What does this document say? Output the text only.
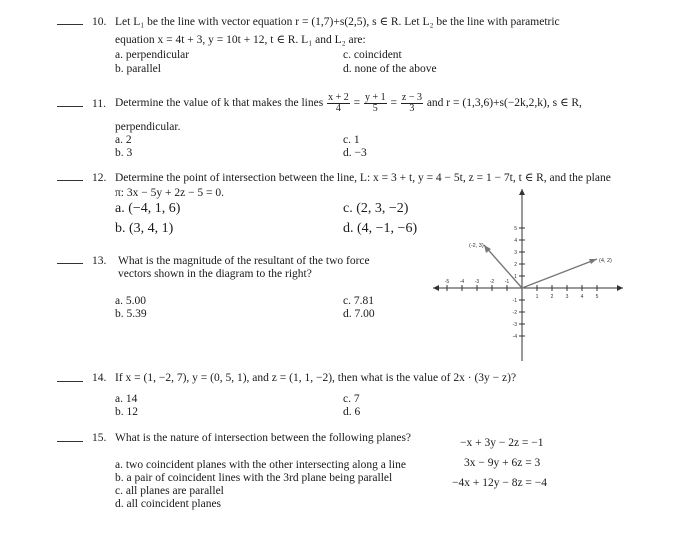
10. Let L₁ be the line with vector equation r = (1,7)+s(2,5), s ∈ R. Let L₂ be the line with parametric
equation x = 4t + 3, y = 10t + 12, t ∈ R. L₁ and L₂ are:
a. perpendicular
b. parallel
c. coincident
d. none of the above
11. Determine the value of k that makes the lines $\frac{x + 2}{4} = \frac{y + 1}{5} = \frac{z - 3}{3}$ and r = (1,3,6)+s(−2k,2,k), s ∈ R,
perpendicular.
a. 2
b. 3
c. 1
d. −3
12. Determine the point of intersection between the line, L: x = 3 + t, y = 4 − 5t, z = 1 − 7t, t ∈ R, and the plane
π: 3x − 5y + 2z − 5 = 0.
a. (−4, 1, 6)
b. (3, 4, 1)
c. (2, 3, −2)
d. (4, −1, −6)
13. What is the magnitude of the resultant of the two force
vectors shown in the diagram to the right?
a. 5.00
b. 5.39
c. 7.81
d. 7.00
-5 -4 -3 -2 -1
1 2 3 4 5
5
4
3
2
1
-1
-2
-3
-4
(-2, 3)
(4, 2)
14. If x = (1, −2, 7), y = (0, 5, 1), and z = (1, 1, −2), then what is the value of 2x · (3y − z)?
a. 14
b. 12
c. 7
d. 6
15. What is the nature of intersection between the following planes?	−x + 3y − 2z = −1
3x − 9y + 6z = 3
−4x + 12y − 8z = −4
a. two coincident planes with the other intersecting along a line
b. a pair of coincident lines with the 3rd plane being parallel
c. all planes are parallel
d. all coincident planes
